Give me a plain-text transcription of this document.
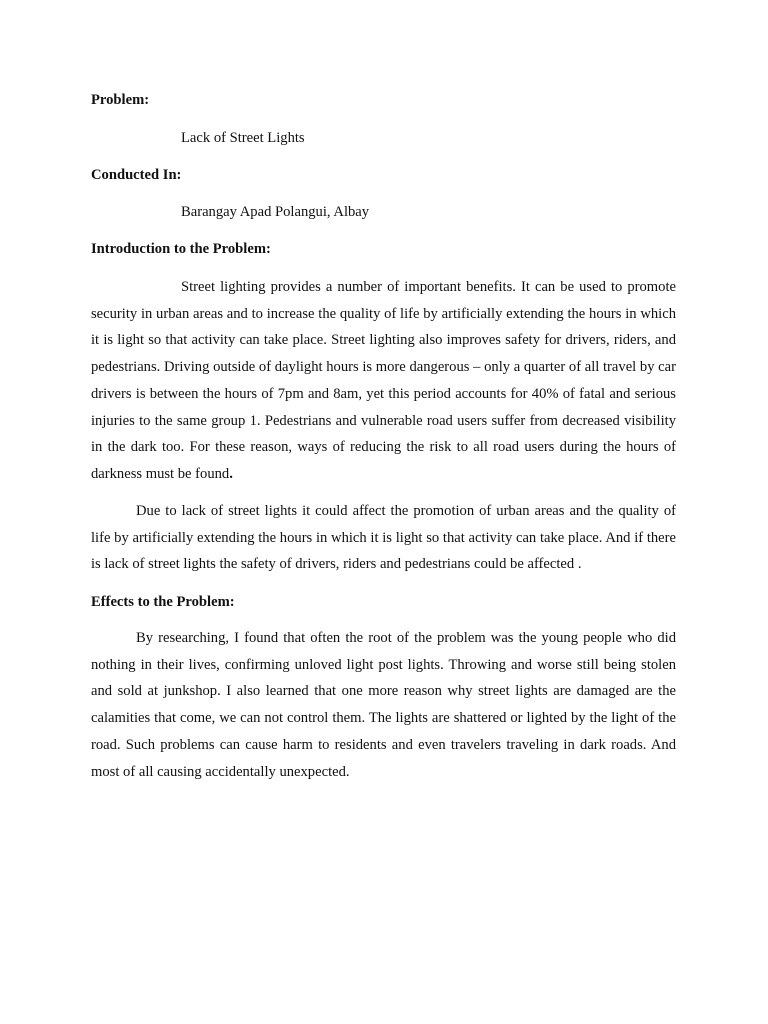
Problem:
Lack of Street Lights
Conducted In:
Barangay Apad Polangui, Albay
Introduction to the Problem:
Street lighting provides a number of important benefits. It can be used to promote security in urban areas and to increase the quality of life by artificially extending the hours in which it is light so that activity can take place. Street lighting also improves safety for drivers, riders, and pedestrians. Driving outside of daylight hours is more dangerous – only a quarter of all travel by car drivers is between the hours of 7pm and 8am, yet this period accounts for 40% of fatal and serious injuries to the same group 1. Pedestrians and vulnerable road users suffer from decreased visibility in the dark too. For these reason, ways of reducing the risk to all road users during the hours of darkness must be found.
Due to lack of street lights it could affect the promotion of urban areas and the quality of life by artificially extending the hours in which it is light so that activity can take place. And if there is lack of street lights the safety of drivers, riders and pedestrians could be affected .
Effects to the Problem:
By researching, I found that often the root of the problem was the young people who did nothing in their lives, confirming unloved light post lights. Throwing and worse still being stolen and sold at junkshop. I also learned that one more reason why street lights are damaged are the calamities that come, we can not control them. The lights are shattered or lighted by the light of the road. Such problems can cause harm to residents and even travelers traveling in dark roads. And most of all causing accidentally unexpected.
